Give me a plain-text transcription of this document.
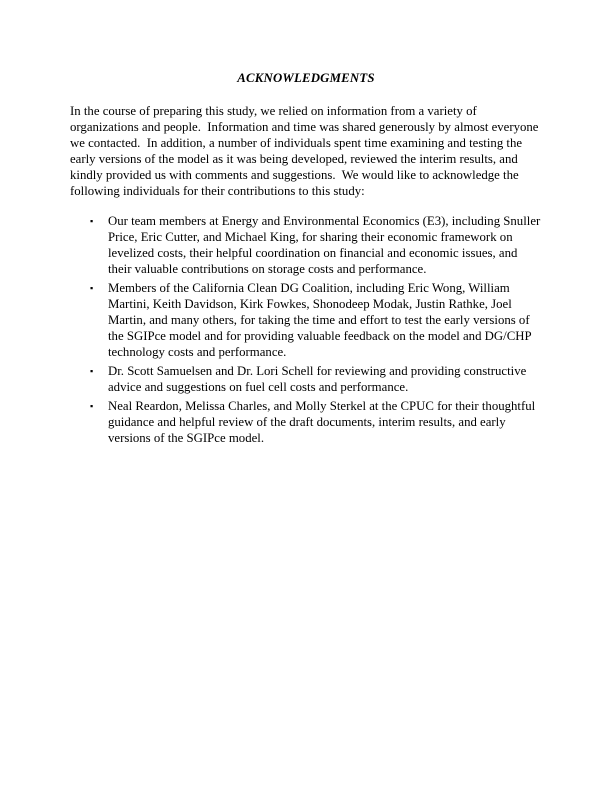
ACKNOWLEDGMENTS

In the course of preparing this study, we relied on information from a variety of organizations and people.  Information and time was shared generously by almost everyone we contacted.  In addition, a number of individuals spent time examining and testing the early versions of the model as it was being developed, reviewed the interim results, and kindly provided us with comments and suggestions.  We would like to acknowledge the following individuals for their contributions to this study:

▪	Our team members at Energy and Environmental Economics (E3), including Snuller Price, Eric Cutter, and Michael King, for sharing their economic framework on levelized costs, their helpful coordination on financial and economic issues, and their valuable contributions on storage costs and performance.
▪	Members of the California Clean DG Coalition, including Eric Wong, William Martini, Keith Davidson, Kirk Fowkes, Shonodeep Modak, Justin Rathke, Joel Martin, and many others, for taking the time and effort to test the early versions of the SGIPce model and for providing valuable feedback on the model and DG/CHP technology costs and performance.
▪	Dr. Scott Samuelsen and Dr. Lori Schell for reviewing and providing constructive advice and suggestions on fuel cell costs and performance.
▪	Neal Reardon, Melissa Charles, and Molly Sterkel at the CPUC for their thoughtful guidance and helpful review of the draft documents, interim results, and early versions of the SGIPce model.
